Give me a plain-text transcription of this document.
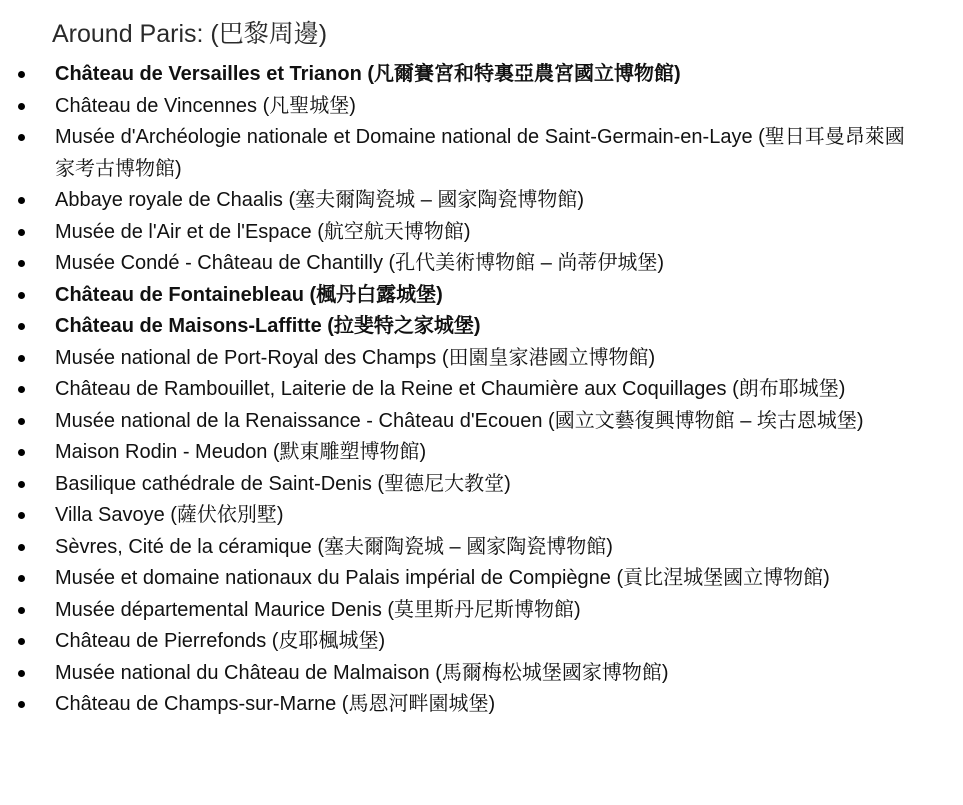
Around Paris: (巴黎周邊)
Château de Versailles et Trianon (凡爾賽宮和特裏亞農宮國立博物館)
Château de Vincennes (凡聖城堡)
Musée d'Archéologie nationale et Domaine national de Saint-Germain-en-Laye (聖日耳曼昂萊國家考古博物館)
Abbaye royale de Chaalis (塞夫爾陶瓷城 – 國家陶瓷博物館)
Musée de l'Air et de l'Espace (航空航天博物館)
Musée Condé - Château de Chantilly (孔代美術博物館 – 尚蒂伊城堡)
Château de Fontainebleau (楓丹白露城堡)
Château de Maisons-Laffitte (拉斐特之家城堡)
Musée national de Port-Royal des Champs (田園皇家港國立博物館)
Château de Rambouillet, Laiterie de la Reine et Chaumière aux Coquillages (朗布耶城堡)
Musée national de la Renaissance - Château d'Ecouen (國立文藝復興博物館 – 埃古恩城堡)
Maison Rodin - Meudon (默東雕塑博物館)
Basilique cathédrale de Saint-Denis (聖德尼大教堂)
Villa Savoye (薩伏依別墅)
Sèvres, Cité de la céramique (塞夫爾陶瓷城 – 國家陶瓷博物館)
Musée et domaine nationaux du Palais impérial de Compiègne (貢比涅城堡國立博物館)
Musée départemental Maurice Denis (莫里斯丹尼斯博物館)
Château de Pierrefonds (皮耶楓城堡)
Musée national du Château de Malmaison (馬爾梅松城堡國家博物館)
Château de Champs-sur-Marne (馬恩河畔園城堡)
